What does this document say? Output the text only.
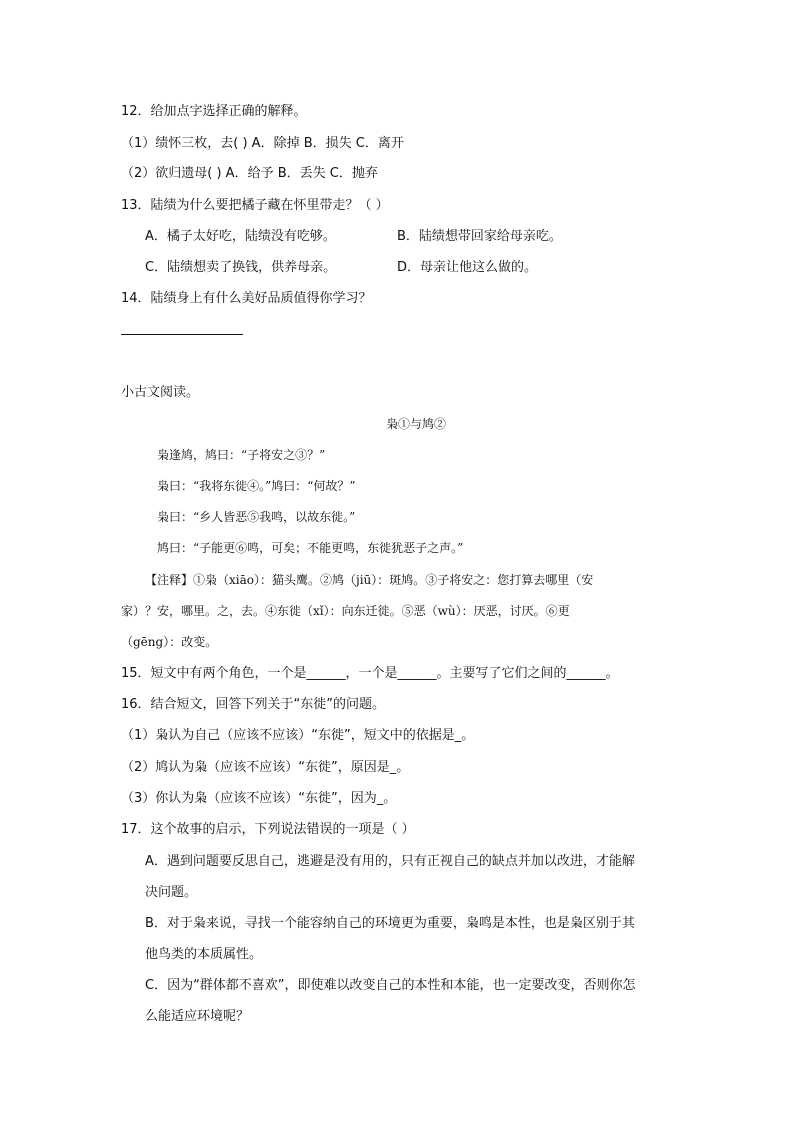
12．给加点字选择正确的解释。
（1）绩怀三枚，去( ) A．除掉 B．损失 C．离开
（2）欲归遗母( ) A．给予 B．丢失 C．抛弃
13．陆绩为什么要把橘子藏在怀里带走？（ ）
A．橘子太好吃，陆绩没有吃够。	B．陆绩想带回家给母亲吃。
C．陆绩想卖了换钱，供养母亲。	D．母亲让他这么做的。
14．陆绩身上有什么美好品质值得你学习？
小古文阅读。
枭①与鸠②
枭逢鸠，鸠曰：“子将安之③？”
枭曰：“我将东徙④。”鸠曰：“何故？”
枭曰：“乡人皆恶⑤我鸣，以故东徙。”
鸠曰：“子能更⑥鸣，可矣；不能更鸣，东徙犹恶子之声。”
【注释】①枭（xiāo）：猫头鹰。②鸠（jiū）：斑鸠。③子将安之：您打算去哪里（安
家）？安，哪里。之，去。④东徙（xǐ）：向东迁徙。⑤恶（wù）：厌恶，讨厌。⑥更
（gēng）：改变。
15．短文中有两个角色，一个是______，一个是______。主要写了它们之间的______。
16．结合短文，回答下列关于“东徙”的问题。
（1）枭认为自己（应该不应该）“东徙”，短文中的依据是_。
（2）鸠认为枭（应该不应该）“东徙”，原因是_。
（3）你认为枭（应该不应该）“东徙”，因为_。
17．这个故事的启示，下列说法错误的一项是（ ）
A．遇到问题要反思自己，逃避是没有用的，只有正视自己的缺点并加以改进，才能解
决问题。
B．对于枭来说，寻找一个能容纳自己的环境更为重要，枭鸣是本性，也是枭区别于其
他鸟类的本质属性。
C．因为“群体都不喜欢”，即使难以改变自己的本性和本能，也一定要改变，否则你怎
么能适应环境呢？
